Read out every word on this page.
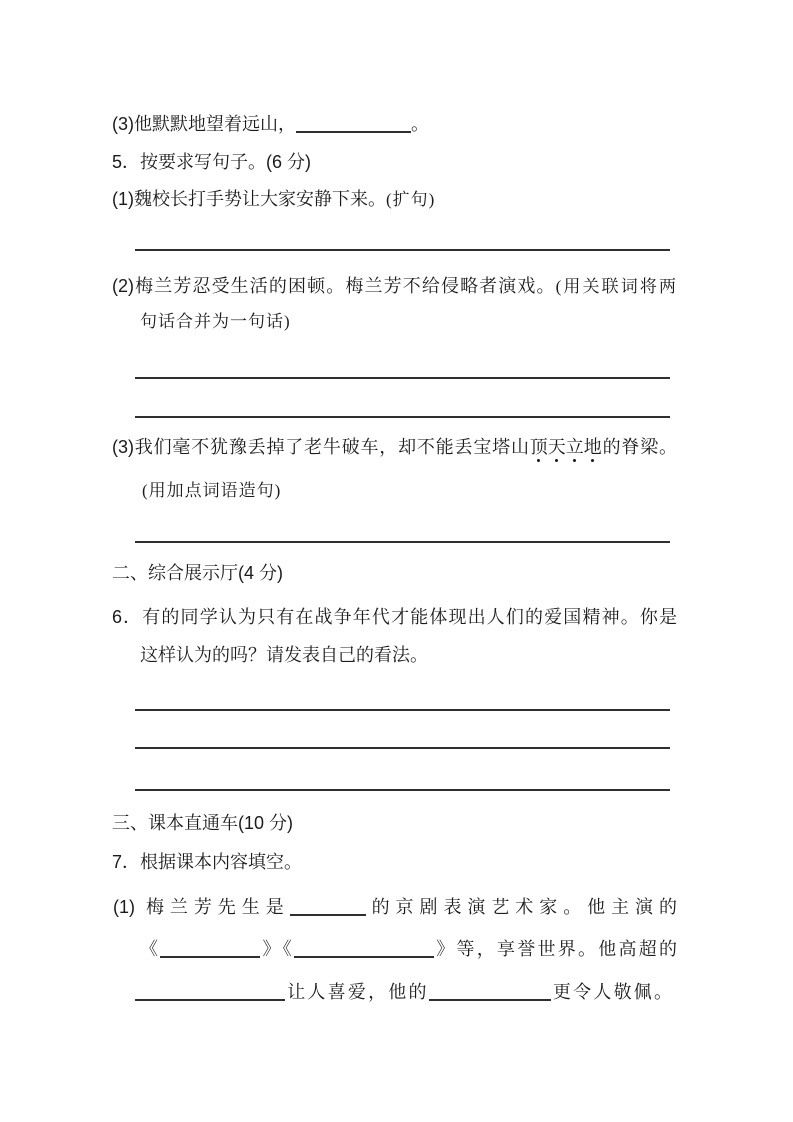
(3)他默默地望着远山，	。
5．按要求写句子。(6 分)
(1)魏校长打手势让大家安静下来。(扩句)
(2)梅兰芳忍受生活的困顿。梅兰芳不给侵略者演戏。(用关联词将两
句话合并为一句话)
(3)我们毫不犹豫丢掉了老牛破车，却不能丢宝塔山顶天立地的脊梁。
(用加点词语造句)
二、综合展示厅(4 分)
6．有的同学认为只有在战争年代才能体现出人们的爱国精神。你是
这样认为的吗？请发表自己的看法。
三、课本直通车(10 分)
7．根据课本内容填空。
(1) 梅兰芳先生是	的京剧表演艺术家。他主演的
《	》《	》等，享誉世界。他高超的
让人喜爱，他的	更令人敬佩。
